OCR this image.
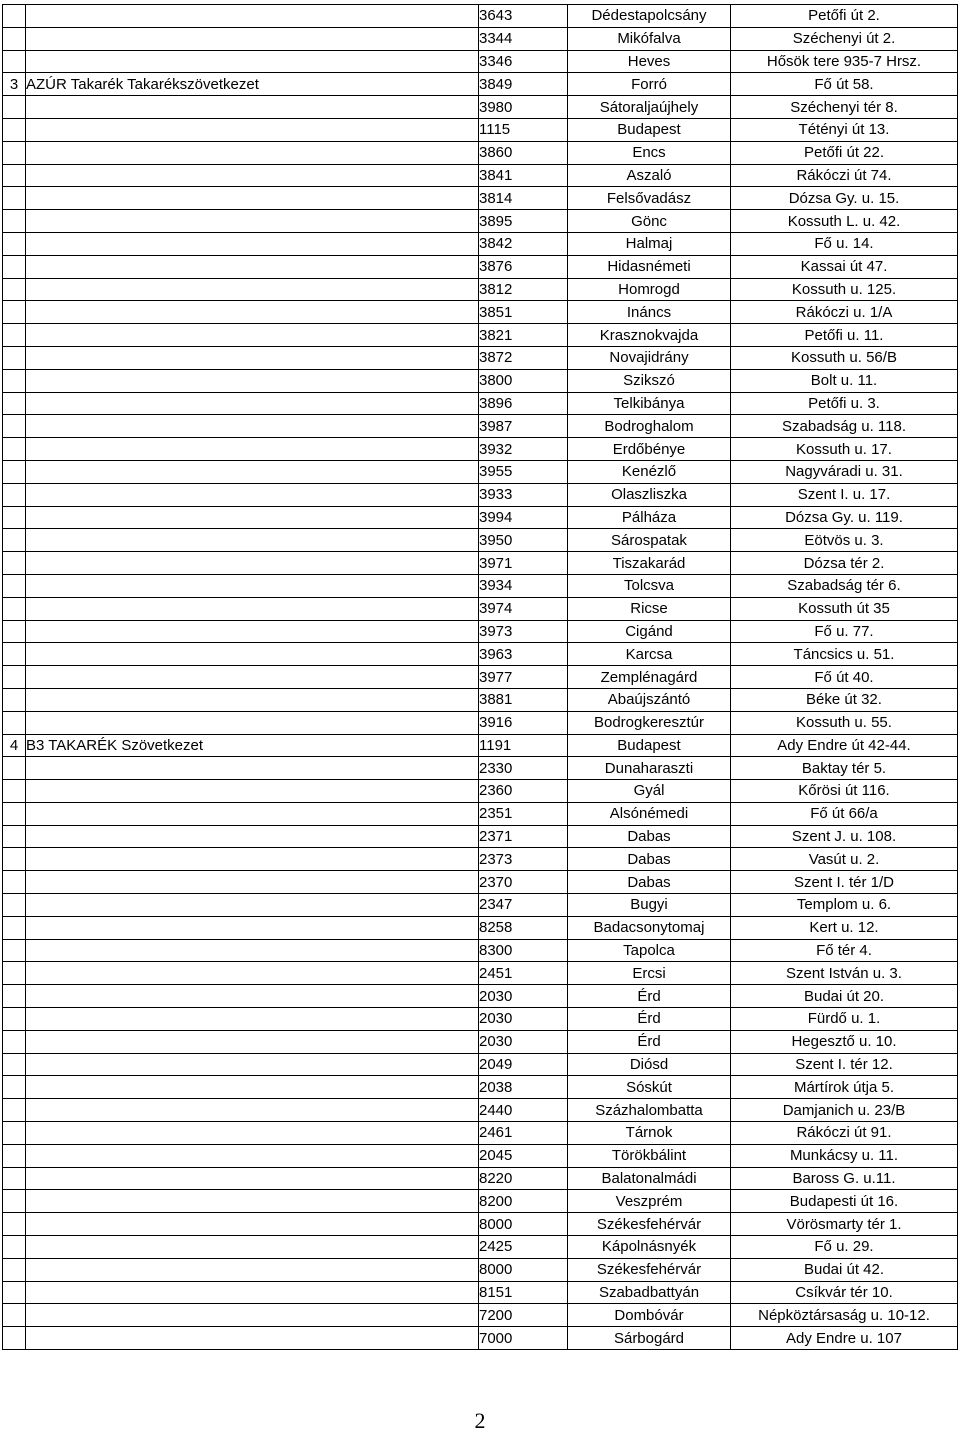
		3643	Dédestapolcsány	Petőfi út 2.
		3344	Mikófalva	Széchenyi út 2.
		3346	Heves	Hősök tere 935-7 Hrsz.
3	AZÚR Takarék Takarékszövetkezet	3849	Forró	Fő út 58.
		3980	Sátoraljaújhely	Széchenyi tér 8.
		1115	Budapest	Tétényi út 13.
		3860	Encs	Petőfi út 22.
		3841	Aszaló	Rákóczi út 74.
		3814	Felsővadász	Dózsa Gy. u. 15.
		3895	Gönc	Kossuth L. u. 42.
		3842	Halmaj	Fő u. 14.
		3876	Hidasnémeti	Kassai út 47.
		3812	Homrogd	Kossuth u. 125.
		3851	Ináncs	Rákóczi u. 1/A
		3821	Krasznokvajda	Petőfi u. 11.
		3872	Novajidrány	Kossuth u. 56/B
		3800	Szikszó	Bolt u. 11.
		3896	Telkibánya	Petőfi u. 3.
		3987	Bodroghalom	Szabadság u. 118.
		3932	Erdőbénye	Kossuth u. 17.
		3955	Kenézlő	Nagyváradi u. 31.
		3933	Olaszliszka	Szent I. u. 17.
		3994	Pálháza	Dózsa Gy. u. 119.
		3950	Sárospatak	Eötvös u. 3.
		3971	Tiszakarád	Dózsa tér 2.
		3934	Tolcsva	Szabadság tér 6.
		3974	Ricse	Kossuth út 35
		3973	Cigánd	Fő u. 77.
		3963	Karcsa	Táncsics u. 51.
		3977	Zemplénagárd	Fő út 40.
		3881	Abaújszántó	Béke út 32.
		3916	Bodrogkeresztúr	Kossuth u. 55.
4	B3 TAKARÉK Szövetkezet	1191	Budapest	Ady Endre út 42-44.
		2330	Dunaharaszti	Baktay tér 5.
		2360	Gyál	Kőrösi út 116.
		2351	Alsónémedi	Fő út 66/a
		2371	Dabas	Szent J. u. 108.
		2373	Dabas	Vasút u. 2.
		2370	Dabas	Szent I. tér 1/D
		2347	Bugyi	Templom u. 6.
		8258	Badacsonytomaj	Kert u. 12.
		8300	Tapolca	Fő tér 4.
		2451	Ercsi	Szent István u. 3.
		2030	Érd	Budai út 20.
		2030	Érd	Fürdő u. 1.
		2030	Érd	Hegesztő u. 10.
		2049	Diósd	Szent I. tér 12.
		2038	Sóskút	Mártírok útja 5.
		2440	Százhalombatta	Damjanich u. 23/B
		2461	Tárnok	Rákóczi út 91.
		2045	Törökbálint	Munkácsy u. 11.
		8220	Balatonalmádi	Baross G. u.11.
		8200	Veszprém	Budapesti út 16.
		8000	Székesfehérvár	Vörösmarty tér 1.
		2425	Kápolnásnyék	Fő u. 29.
		8000	Székesfehérvár	Budai út 42.
		8151	Szabadbattyán	Csíkvár tér 10.
		7200	Dombóvár	Népköztársaság u. 10-12.
		7000	Sárbogárd	Ady Endre u. 107
2
